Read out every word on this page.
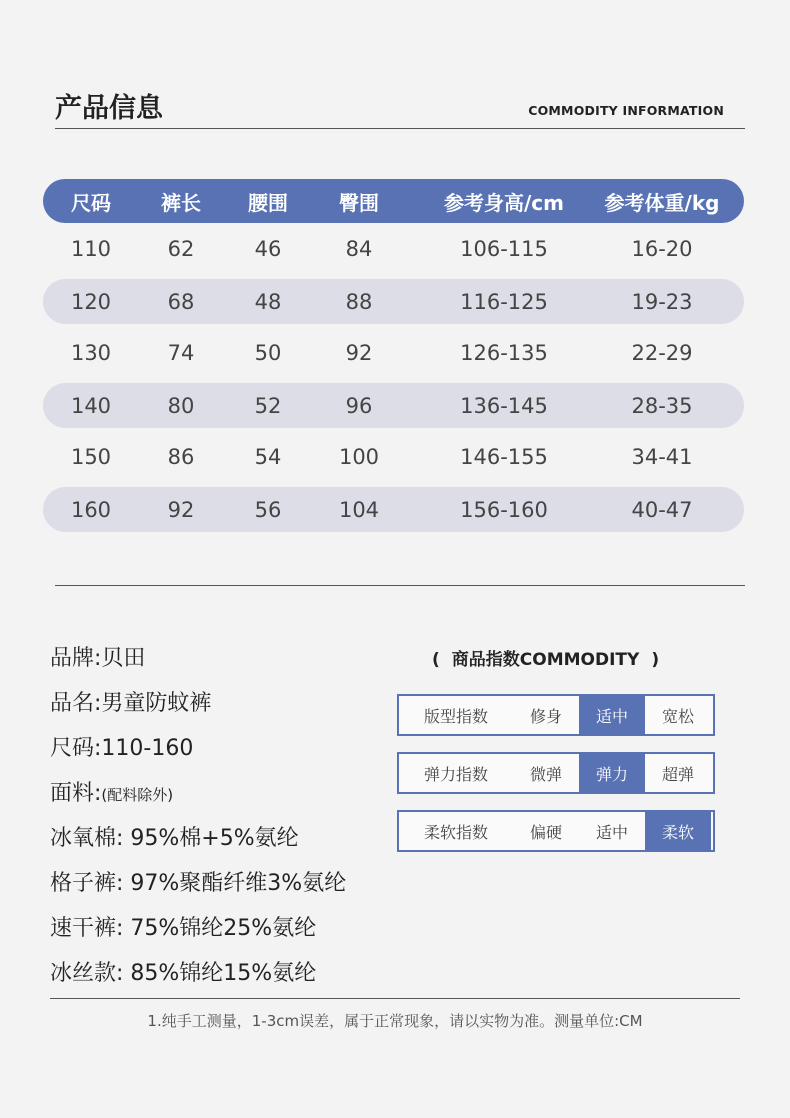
产品信息	COMMODITY INFORMATION
尺码	裤长	腰围	臀围	参考身高/cm	参考体重/kg
110	62	46	84	106-115	16-20
120	68	48	88	116-125	19-23
130	74	50	92	126-135	22-29
140	80	52	96	136-145	28-35
150	86	54	100	146-155	34-41
160	92	56	104	156-160	40-47
品牌:贝田
品名:男童防蚊裤
尺码:110-160
面料:(配料除外)
冰氧棉: 95%棉+5%氨纶
格子裤: 97%聚酯纤维3%氨纶
速干裤: 75%锦纶25%氨纶
冰丝款: 85%锦纶15%氨纶
( 商品指数COMMODITY )
版型指数	修身	适中	宽松
弹力指数	微弹	弹力	超弹
柔软指数	偏硬	适中	柔软
1.纯手工测量，1-3cm误差，属于正常现象，请以实物为准。测量单位:CM
